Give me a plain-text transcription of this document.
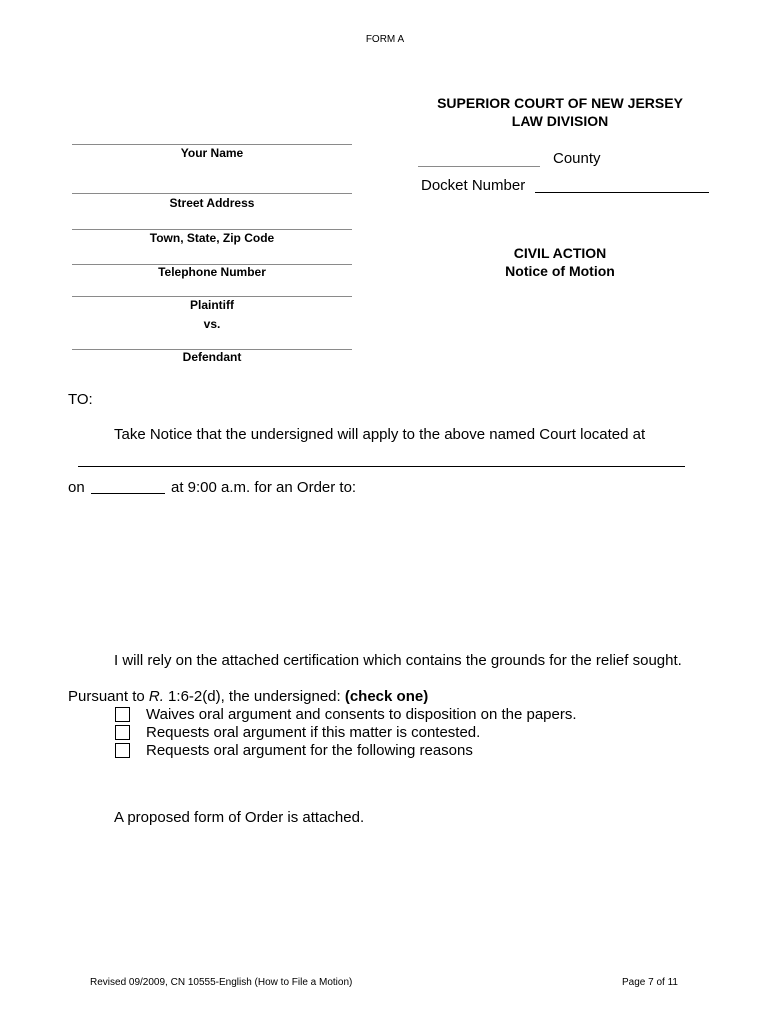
FORM A
SUPERIOR COURT OF NEW JERSEY
LAW DIVISION
County
Docket Number
Your Name
Street Address
Town, State, Zip Code
Telephone Number
Plaintiff
vs.
Defendant
CIVIL ACTION
Notice of Motion
TO:
Take Notice that the undersigned will apply to the above named Court located at
on	at 9:00 a.m. for an Order to:
I will rely on the attached certification which contains the grounds for the relief sought.
Pursuant to R. 1:6-2(d), the undersigned: (check one)
Waives oral argument and consents to disposition on the papers.
Requests oral argument if this matter is contested.
Requests oral argument for the following reasons
A proposed form of Order is attached.
Revised 09/2009, CN 10555-English (How to File a Motion)	Page 7 of 11
